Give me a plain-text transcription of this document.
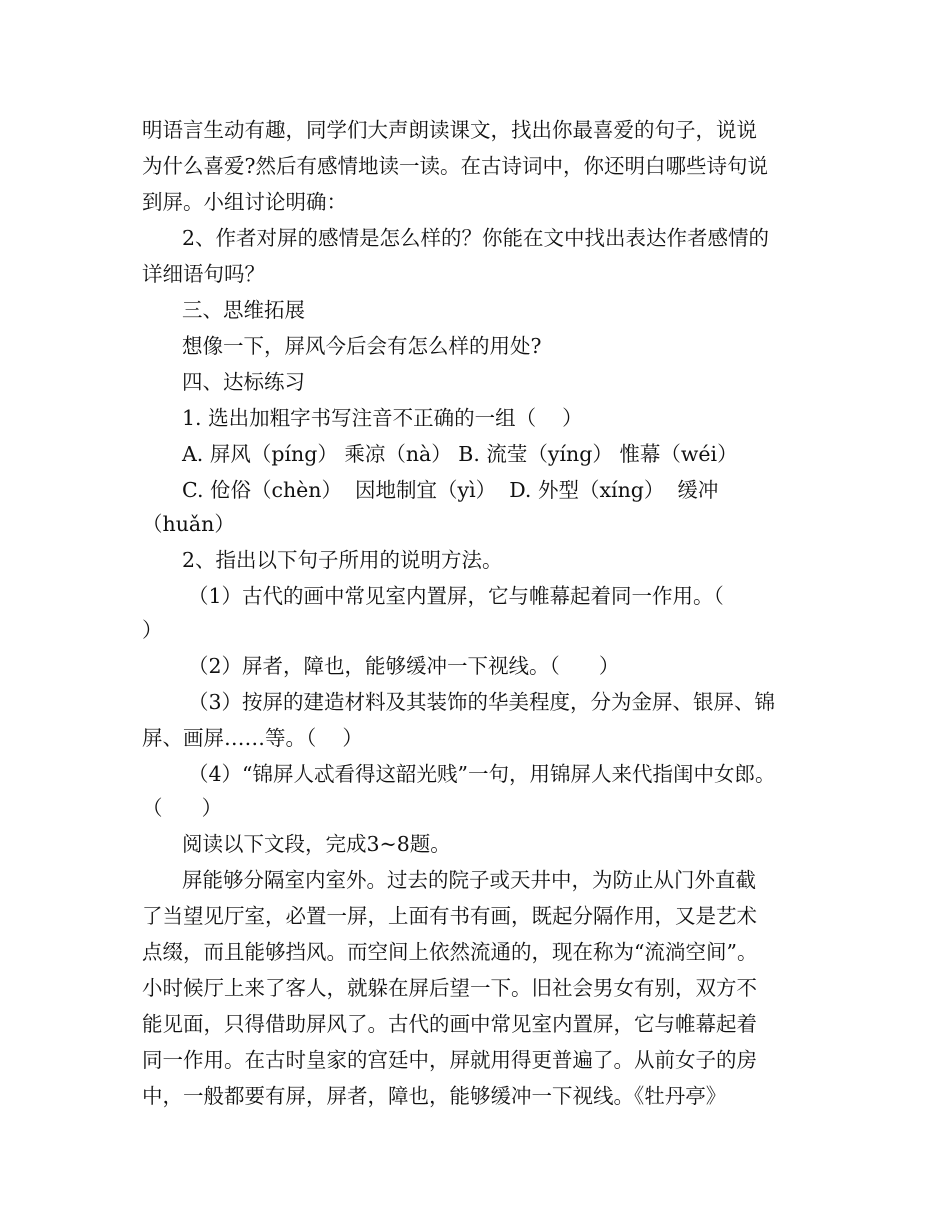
明语言生动有趣，同学们大声朗读课文，找出你最喜爱的句子，说说
为什么喜爱?然后有感情地读一读。在古诗词中，你还明白哪些诗句说
到屏。小组讨论明确：
2、作者对屏的感情是怎么样的？你能在文中找出表达作者感情的
详细语句吗？
三、思维拓展
想像一下，屏风今后会有怎么样的用处?
四、达标练习
1. 选出加粗字书写注音不正确的一组（    ）
A. 屏风（píng） 乘凉（nà） B. 流莹（yíng） 惟幕（wéi）
C. 伧俗（chèn）  因地制宜（yì）  D. 外型（xíng）  缓冲
（huǎn）
2、指出以下句子所用的说明方法。
（1）古代的画中常见室内置屏，它与帷幕起着同一作用。（
）
（2）屏者，障也，能够缓冲一下视线。（      ）
（3）按屏的建造材料及其装饰的华美程度，分为金屏、银屏、锦
屏、画屏……等。（    ）
（4）“锦屏人忒看得这韶光贱”一句，用锦屏人来代指闺中女郎。
（      ）
阅读以下文段，完成3~8题。
屏能够分隔室内室外。过去的院子或天井中，为防止从门外直截
了当望见厅室，必置一屏，上面有书有画，既起分隔作用，又是艺术
点缀，而且能够挡风。而空间上依然流通的，现在称为“流淌空间”。
小时候厅上来了客人，就躲在屏后望一下。旧社会男女有别，双方不
能见面，只得借助屏风了。古代的画中常见室内置屏，它与帷幕起着
同一作用。在古时皇家的宫廷中，屏就用得更普遍了。从前女子的房
中，一般都要有屏，屏者，障也，能够缓冲一下视线。《牡丹亭》
